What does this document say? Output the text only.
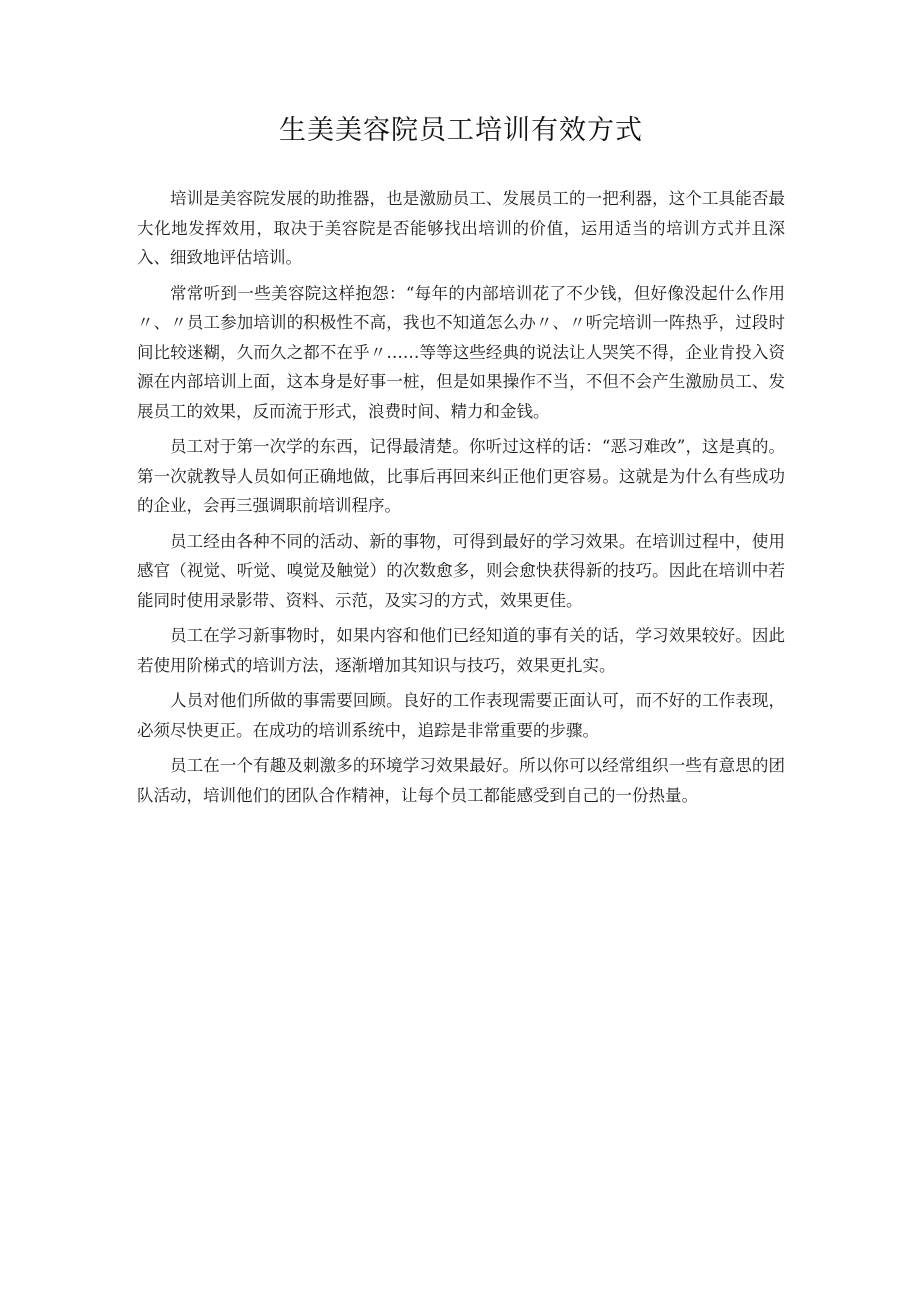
生美美容院员工培训有效方式

培训是美容院发展的助推器，也是激励员工、发展员工的一把利器，这个工具能否最大化地发挥效用，取决于美容院是否能够找出培训的价值，运用适当的培训方式并且深入、细致地评估培训。

常常听到一些美容院这样抱怨：“每年的内部培训花了不少钱，但好像没起什么作用〃、〃员工参加培训的积极性不高，我也不知道怎么办〃、〃听完培训一阵热乎，过段时间比较迷糊，久而久之都不在乎〃……等等这些经典的说法让人哭笑不得，企业肯投入资源在内部培训上面，这本身是好事一桩，但是如果操作不当，不但不会产生激励员工、发展员工的效果，反而流于形式，浪费时间、精力和金钱。

员工对于第一次学的东西，记得最清楚。你听过这样的话：“恶习难改”，这是真的。第一次就教导人员如何正确地做，比事后再回来纠正他们更容易。这就是为什么有些成功的企业，会再三强调职前培训程序。

员工经由各种不同的活动、新的事物，可得到最好的学习效果。在培训过程中，使用感官（视觉、听觉、嗅觉及触觉）的次数愈多，则会愈快获得新的技巧。因此在培训中若能同时使用录影带、资料、示范，及实习的方式，效果更佳。

员工在学习新事物时，如果内容和他们已经知道的事有关的话，学习效果较好。因此若使用阶梯式的培训方法，逐渐增加其知识与技巧，效果更扎实。

人员对他们所做的事需要回顾。良好的工作表现需要正面认可，而不好的工作表现，必须尽快更正。在成功的培训系统中，追踪是非常重要的步骤。

员工在一个有趣及刺激多的环境学习效果最好。所以你可以经常组织一些有意思的团队活动，培训他们的团队合作精神，让每个员工都能感受到自己的一份热量。
